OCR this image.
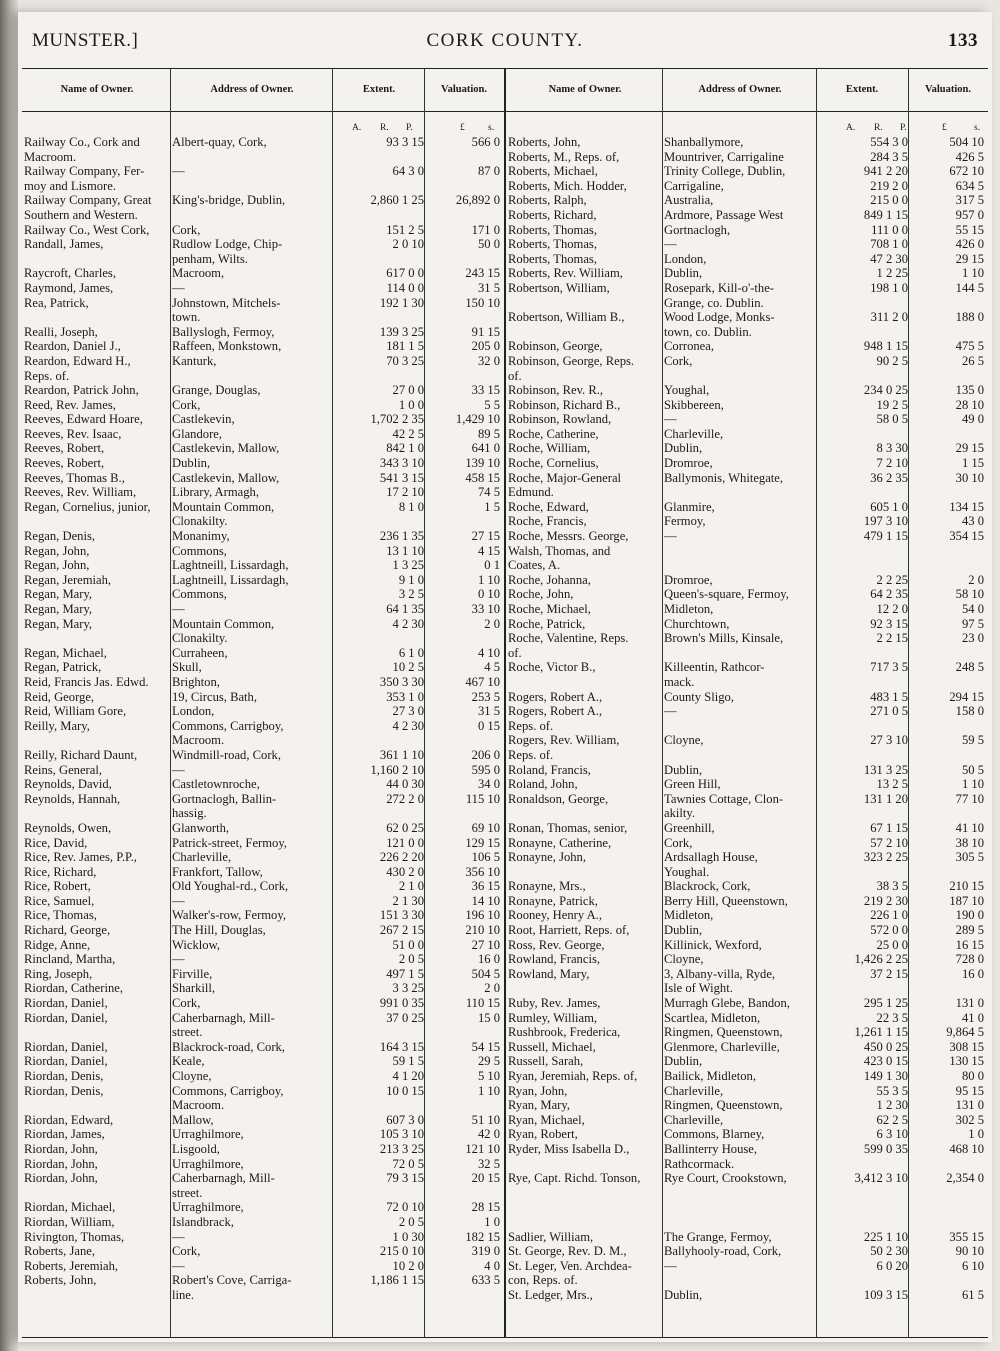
MUNSTER.]	CORK COUNTY.	133
Name of Owner.	Address of Owner.	Extent.	Valuation.	Name of Owner.	Address of Owner.	Extent.	Valuation.
A. R. P.	£ s.
Railway Co., Cork and	Albert-quay, Cork,	93 3 15	566 0
Macroom.
Railway Company, Fer-	—	64 3 0	87 0
moy and Lismore.
Railway Company, Great	King's-bridge, Dublin,	2,860 1 25	26,892 0
Southern and Western.
Railway Co., West Cork,	Cork,	151 2 5	171 0
Randall, James,	Rudlow Lodge, Chip-	2 0 10	50 0
penham, Wilts.
Raycroft, Charles,	Macroom,	617 0 0	243 15
Raymond, James,	—	114 0 0	31 5
Rea, Patrick,	Johnstown, Mitchels-	192 1 30	150 10
town.
Realli, Joseph,	Ballyslogh, Fermoy,	139 3 25	91 15
Reardon, Daniel J.,	Raffeen, Monkstown,	181 1 5	205 0
Reardon, Edward H.,	Kanturk,	70 3 25	32 0
Reps. of.
Reardon, Patrick John,	Grange, Douglas,	27 0 0	33 15
Reed, Rev. James,	Cork,	1 0 0	5 5
Reeves, Edward Hoare,	Castlekevin,	1,702 2 35	1,429 10
Reeves, Rev. Isaac,	Glandore,	42 2 5	89 5
Reeves, Robert,	Castlekevin, Mallow,	842 1 0	641 0
Reeves, Robert,	Dublin,	343 3 10	139 10
Reeves, Thomas B.,	Castlekevin, Mallow,	541 3 15	458 15
Reeves, Rev. William,	Library, Armagh,	17 2 10	74 5
Regan, Cornelius, junior,	Mountain Common,	8 1 0	1 5
Clonakilty.
Regan, Denis,	Monanimy,	236 1 35	27 15
Regan, John,	Commons,	13 1 10	4 15
Regan, John,	Laghtneill, Lissardagh,	1 3 25	0 1
Regan, Jeremiah,	Laghtneill, Lissardagh,	9 1 0	1 10
Regan, Mary,	Commons,	3 2 5	0 10
Regan, Mary,	—	64 1 35	33 10
Regan, Mary,	Mountain Common,	4 2 30	2 0
Clonakilty.
Regan, Michael,	Curraheen,	6 1 0	4 10
Regan, Patrick,	Skull,	10 2 5	4 5
Reid, Francis Jas. Edwd.	Brighton,	350 3 30	467 10
Reid, George,	19, Circus, Bath,	353 1 0	253 5
Reid, William Gore,	London,	27 3 0	31 5
Reilly, Mary,	Commons, Carrigboy,	4 2 30	0 15
Macroom.
Reilly, Richard Daunt,	Windmill-road, Cork,	361 1 10	206 0
Reins, General,	—	1,160 2 10	595 0
Reynolds, David,	Castletownroche,	44 0 30	34 0
Reynolds, Hannah,	Gortnaclogh, Ballin-	272 2 0	115 10
hassig.
Reynolds, Owen,	Glanworth,	62 0 25	69 10
Rice, David,	Patrick-street, Fermoy,	121 0 0	129 15
Rice, Rev. James, P.P.,	Charleville,	226 2 20	106 5
Rice, Richard,	Frankfort, Tallow,	430 2 0	356 10
Rice, Robert,	Old Youghal-rd., Cork,	2 1 0	36 15
Rice, Samuel,	—	2 1 30	14 10
Rice, Thomas,	Walker's-row, Fermoy,	151 3 30	196 10
Richard, George,	The Hill, Douglas,	267 2 15	210 10
Ridge, Anne,	Wicklow,	51 0 0	27 10
Rincland, Martha,	—	2 0 5	16 0
Ring, Joseph,	Firville,	497 1 5	504 5
Riordan, Catherine,	Sharkill,	3 3 25	2 0
Riordan, Daniel,	Cork,	991 0 35	110 15
Riordan, Daniel,	Caherbarnagh, Mill-	37 0 25	15 0
street.
Riordan, Daniel,	Blackrock-road, Cork,	164 3 15	54 15
Riordan, Daniel,	Keale,	59 1 5	29 5
Riordan, Denis,	Cloyne,	4 1 20	5 10
Riordan, Denis,	Commons, Carrigboy,	10 0 15	1 10
Macroom.
Riordan, Edward,	Mallow,	607 3 0	51 10
Riordan, James,	Urraghilmore,	105 3 10	42 0
Riordan, John,	Lisgoold,	213 3 25	121 10
Riordan, John,	Urraghilmore,	72 0 5	32 5
Riordan, John,	Caherbarnagh, Mill-	79 3 15	20 15
street.
Riordan, Michael,	Urraghilmore,	72 0 10	28 15
Riordan, William,	Islandbrack,	2 0 5	1 0
Rivington, Thomas,	—	1 0 30	182 15
Roberts, Jane,	Cork,	215 0 10	319 0
Roberts, Jeremiah,	—	10 2 0	4 0
Roberts, John,	Robert's Cove, Carriga-	1,186 1 15	633 5
line.
A. R. P.	£	s.
Roberts, John,	Shanballymore,	554 3 0	504 10
Roberts, M., Reps. of,	Mountriver, Carrigaline	284 3 5	426 5
Roberts, Michael,	Trinity College, Dublin,	941 2 20	672 10
Roberts, Mich. Hodder,	Carrigaline,	219 2 0	634 5
Roberts, Ralph,	Australia,	215 0 0	317 5
Roberts, Richard,	Ardmore, Passage West	849 1 15	957 0
Roberts, Thomas,	Gortnaclogh,	111 0 0	55 15
Roberts, Thomas,	—	708 1 0	426 0
Roberts, Thomas,	London,	47 2 30	29 15
Roberts, Rev. William,	Dublin,	1 2 25	1 10
Robertson, William,	Rosepark, Kill-o'-the-	198 1 0	144 5
Grange, co. Dublin.
Robertson, William B.,	Wood Lodge, Monks-	311 2 0	188 0
town, co. Dublin.
Robinson, George,	Corronea,	948 1 15	475 5
Robinson, George, Reps.	Cork,	90 2 5	26 5
of.
Robinson, Rev. R.,	Youghal,	234 0 25	135 0
Robinson, Richard B.,	Skibbereen,	19 2 5	28 10
Robinson, Rowland,	—	58 0 5	49 0
Roche, Catherine,	Charleville,
Roche, William,	Dublin,	8 3 30	29 15
Roche, Cornelius,	Dromroe,	7 2 10	1 15
Roche, Major-General	Ballymonis, Whitegate,	36 2 35	30 10
Edmund.
Roche, Edward,	Glanmire,	605 1 0	134 15
Roche, Francis,	Fermoy,	197 3 10	43 0
Roche, Messrs. George,	—	479 1 15	354 15
Walsh, Thomas, and
Coates, A.
Roche, Johanna,	Dromroe,	2 2 25	2 0
Roche, John,	Queen's-square, Fermoy,	64 2 35	58 10
Roche, Michael,	Midleton,	12 2 0	54 0
Roche, Patrick,	Churchtown,	92 3 15	97 5
Roche, Valentine, Reps.	Brown's Mills, Kinsale,	2 2 15	23 0
of.
Roche, Victor B.,	Killeentin, Rathcor-	717 3 5	248 5
mack.
Rogers, Robert A.,	County Sligo,	483 1 5	294 15
Rogers, Robert A.,	—	271 0 5	158 0
Reps. of.
Rogers, Rev. William,	Cloyne,	27 3 10	59 5
Reps. of.
Roland, Francis,	Dublin,	131 3 25	50 5
Roland, John,	Green Hill,	13 2 5	1 10
Ronaldson, George,	Tawnies Cottage, Clon-	131 1 20	77 10
akilty.
Ronan, Thomas, senior,	Greenhill,	67 1 15	41 10
Ronayne, Catherine,	Cork,	57 2 10	38 10
Ronayne, John,	Ardsallagh House,	323 2 25	305 5
Youghal.
Ronayne, Mrs.,	Blackrock, Cork,	38 3 5	210 15
Ronayne, Patrick,	Berry Hill, Queenstown,	219 2 30	187 10
Rooney, Henry A.,	Midleton,	226 1 0	190 0
Root, Harriett, Reps. of,	Dublin,	572 0 0	289 5
Ross, Rev. George,	Killinick, Wexford,	25 0 0	16 15
Rowland, Francis,	Cloyne,	1,426 2 25	728 0
Rowland, Mary,	3, Albany-villa, Ryde,	37 2 15	16 0
Isle of Wight.
Ruby, Rev. James,	Murragh Glebe, Bandon,	295 1 25	131 0
Rumley, William,	Scartlea, Midleton,	22 3 5	41 0
Rushbrook, Frederica,	Ringmen, Queenstown,	1,261 1 15	9,864 5
Russell, Michael,	Glenmore, Charleville,	450 0 25	308 15
Russell, Sarah,	Dublin,	423 0 15	130 15
Ryan, Jeremiah, Reps. of,	Bailick, Midleton,	149 1 30	80 0
Ryan, John,	Charleville,	55 3 5	95 15
Ryan, Mary,	Ringmen, Queenstown,	1 2 30	131 0
Ryan, Michael,	Charleville,	62 2 5	302 5
Ryan, Robert,	Commons, Blarney,	6 3 10	1 0
Ryder, Miss Isabella D.,	Ballinterry House,	599 0 35	468 10
Rathcormack.
Rye, Capt. Richd. Tonson,	Rye Court, Crookstown,	3,412 3 10	2,354 0
Sadlier, William,	The Grange, Fermoy,	225 1 10	355 15
St. George, Rev. D. M.,	Ballyhooly-road, Cork,	50 2 30	90 10
St. Leger, Ven. Archdea-	—	6 0 20	6 10
con, Reps. of.
St. Ledger, Mrs.,	Dublin,	109 3 15	61 5
